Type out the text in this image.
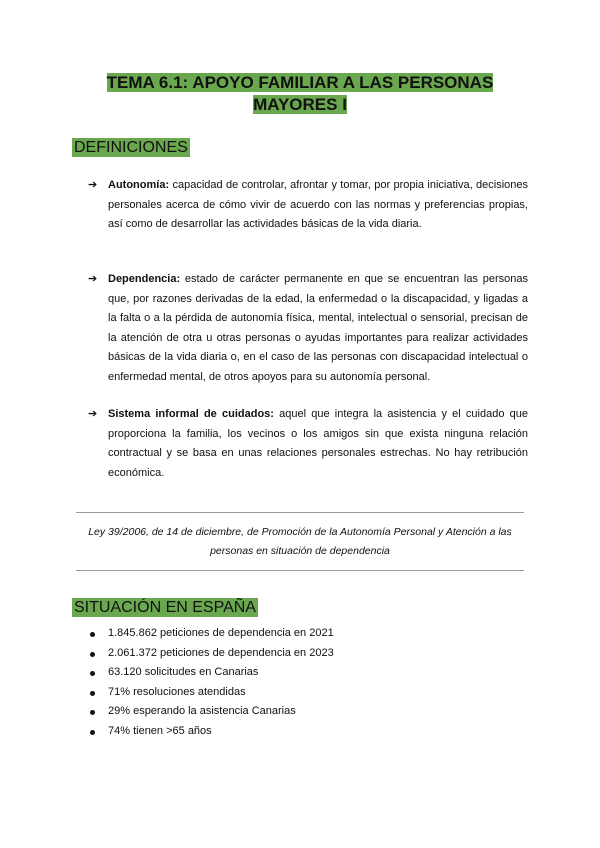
TEMA 6.1: APOYO FAMILIAR A LAS PERSONAS
MAYORES I
DEFINICIONES
➔ Autonomía: capacidad de controlar, afrontar y tomar, por propia iniciativa, decisiones personales acerca de cómo vivir de acuerdo con las normas y preferencias propias, así como de desarrollar las actividades básicas de la vida diaria.
➔ Dependencia: estado de carácter permanente en que se encuentran las personas que, por razones derivadas de la edad, la enfermedad o la discapacidad, y ligadas a la falta o a la pérdida de autonomía física, mental, intelectual o sensorial, precisan de la atención de otra u otras personas o ayudas importantes para realizar actividades básicas de la vida diaria o, en el caso de las personas con discapacidad intelectual o enfermedad mental, de otros apoyos para su autonomía personal.
➔ Sistema informal de cuidados: aquel que integra la asistencia y el cuidado que proporciona la familia, los vecinos o los amigos sin que exista ninguna relación contractual y se basa en unas relaciones personales estrechas. No hay retribución económica.
Ley 39/2006, de 14 de diciembre, de Promoción de la Autonomía Personal y Atención a las personas en situación de dependencia
SITUACIÓN EN ESPAÑA
1.845.862 peticiones de dependencia en 2021
2.061.372 peticiones de dependencia en 2023
63.120 solicitudes en Canarias
71% resoluciones atendidas
29% esperando la asistencia Canarias
74% tienen >65 años
